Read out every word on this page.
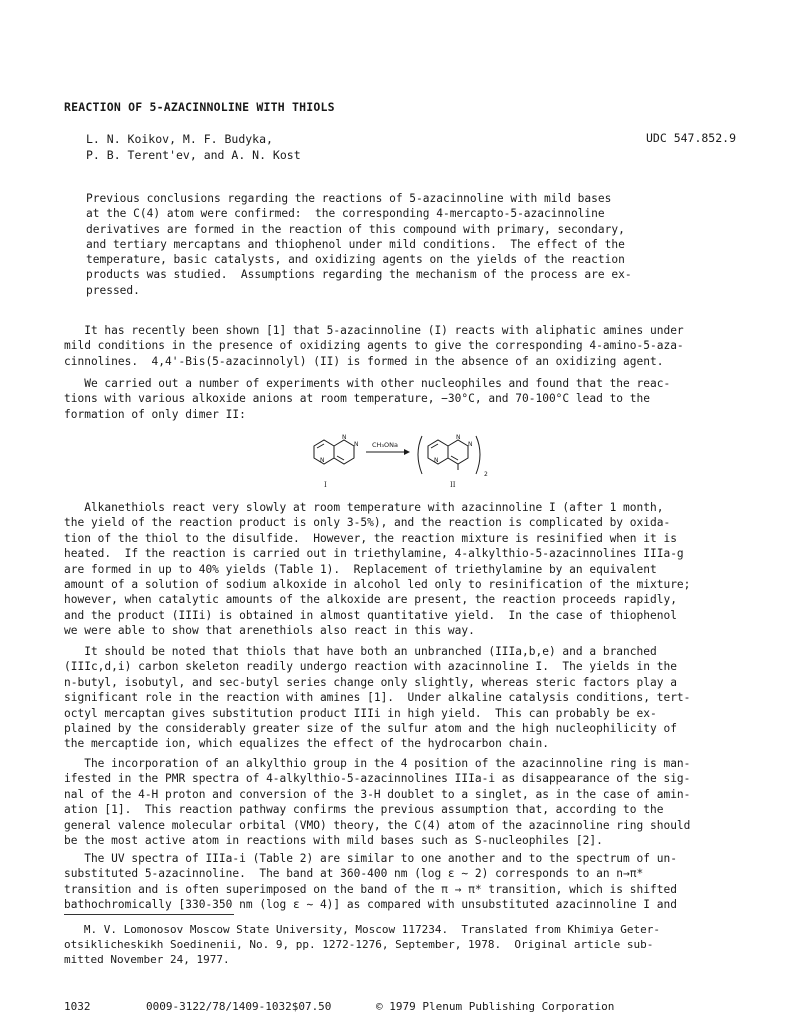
REACTION OF 5-AZACINNOLINE WITH THIOLS
L. N. Koikov, M. F. Budyka,
P. B. Terent'ev, and A. N. Kost
UDC 547.852.9
Previous conclusions regarding the reactions of 5-azacinnoline with mild bases
at the C(4) atom were confirmed:  the corresponding 4-mercapto-5-azacinnoline
derivatives are formed in the reaction of this compound with primary, secondary,
and tertiary mercaptans and thiophenol under mild conditions.  The effect of the
temperature, basic catalysts, and oxidizing agents on the yields of the reaction
products was studied.  Assumptions regarding the mechanism of the process are ex-
pressed.
It has recently been shown [1] that 5-azacinnoline (I) reacts with aliphatic amines under
mild conditions in the presence of oxidizing agents to give the corresponding 4-amino-5-aza-
cinnolines.  4,4'-Bis(5-azacinnolyl) (II) is formed in the absence of an oxidizing agent.
We carried out a number of experiments with other nucleophiles and found that the reac-
tions with various alkoxide anions at room temperature, −30°C, and 70-100°C lead to the
formation of only dimer II:
N
N
N CH₃ONa
N
N
N
2
I	II
Alkanethiols react very slowly at room temperature with azacinnoline I (after 1 month,
the yield of the reaction product is only 3-5%), and the reaction is complicated by oxida-
tion of the thiol to the disulfide.  However, the reaction mixture is resinified when it is
heated.  If the reaction is carried out in triethylamine, 4-alkylthio-5-azacinnolines IIIa-g
are formed in up to 40% yields (Table 1).  Replacement of triethylamine by an equivalent
amount of a solution of sodium alkoxide in alcohol led only to resinification of the mixture;
however, when catalytic amounts of the alkoxide are present, the reaction proceeds rapidly,
and the product (IIIi) is obtained in almost quantitative yield.  In the case of thiophenol
we were able to show that arenethiols also react in this way.
It should be noted that thiols that have both an unbranched (IIIa,b,e) and a branched
(IIIc,d,i) carbon skeleton readily undergo reaction with azacinnoline I.  The yields in the
n-butyl, isobutyl, and sec-butyl series change only slightly, whereas steric factors play a
significant role in the reaction with amines [1].  Under alkaline catalysis conditions, tert-
octyl mercaptan gives substitution product IIIi in high yield.  This can probably be ex-
plained by the considerably greater size of the sulfur atom and the high nucleophilicity of
the mercaptide ion, which equalizes the effect of the hydrocarbon chain.
The incorporation of an alkylthio group in the 4 position of the azacinnoline ring is man-
ifested in the PMR spectra of 4-alkylthio-5-azacinnolines IIIa-i as disappearance of the sig-
nal of the 4-H proton and conversion of the 3-H doublet to a singlet, as in the case of amin-
ation [1].  This reaction pathway confirms the previous assumption that, according to the
general valence molecular orbital (VMO) theory, the C(4) atom of the azacinnoline ring should
be the most active atom in reactions with mild bases such as S-nucleophiles [2].
The UV spectra of IIIa-i (Table 2) are similar to one another and to the spectrum of un-
substituted 5-azacinnoline.  The band at 360-400 nm (log ε ∼ 2) corresponds to an n→π*
transition and is often superimposed on the band of the π → π* transition, which is shifted
bathochromically [330-350 nm (log ε ∼ 4)] as compared with unsubstituted azacinnoline I and
M. V. Lomonosov Moscow State University, Moscow 117234.  Translated from Khimiya Geter-
otsiklicheskikh Soedinenii, No. 9, pp. 1272-1276, September, 1978.  Original article sub-
mitted November 24, 1977.
1032	0009-3122/78/1409-1032$07.50	© 1979 Plenum Publishing Corporation
